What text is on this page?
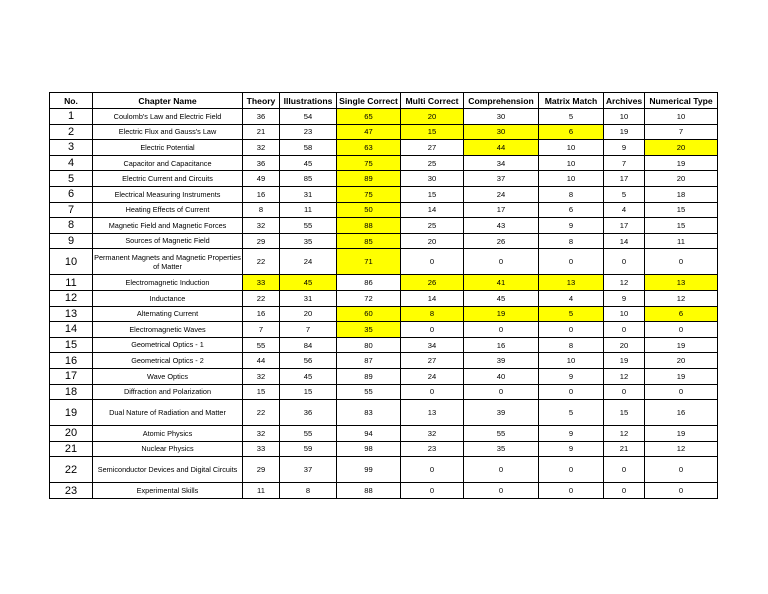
No.	Chapter Name	Theory	Illustrations	Single Correct	Multi Correct	Comprehension	Matrix Match	Archives	Numerical Type
1	Coulomb's Law and Electric Field	36	54	65	20	30	5	10	10
2	Electric Flux and Gauss's Law	21	23	47	15	30	6	19	7
3	Electric Potential	32	58	63	27	44	10	9	20
4	Capacitor and Capacitance	36	45	75	25	34	10	7	19
5	Electric Current and Circuits	49	85	89	30	37	10	17	20
6	Electrical Measuring Instruments	16	31	75	15	24	8	5	18
7	Heating Effects of Current	8	11	50	14	17	6	4	15
8	Magnetic Field and Magnetic Forces	32	55	88	25	43	9	17	15
9	Sources of Magnetic Field	29	35	85	20	26	8	14	11
10	Permanent Magnets and Magnetic Properties of Matter	22	24	71	0	0	0	0	0
11	Electromagnetic Induction	33	45	86	26	41	13	12	13
12	Inductance	22	31	72	14	45	4	9	12
13	Alternating Current	16	20	60	8	19	5	10	6
14	Electromagnetic Waves	7	7	35	0	0	0	0	0
15	Geometrical Optics - 1	55	84	80	34	16	8	20	19
16	Geometrical Optics - 2	44	56	87	27	39	10	19	20
17	Wave Optics	32	45	89	24	40	9	12	19
18	Diffraction and Polarization	15	15	55	0	0	0	0	0
19	Dual Nature of Radiation and Matter	22	36	83	13	39	5	15	16
20	Atomic Physics	32	55	94	32	55	9	12	19
21	Nuclear Physics	33	59	98	23	35	9	21	12
22	Semiconductor Devices and Digital Circuits	29	37	99	0	0	0	0	0
23	Experimental Skills	11	8	88	0	0	0	0	0
